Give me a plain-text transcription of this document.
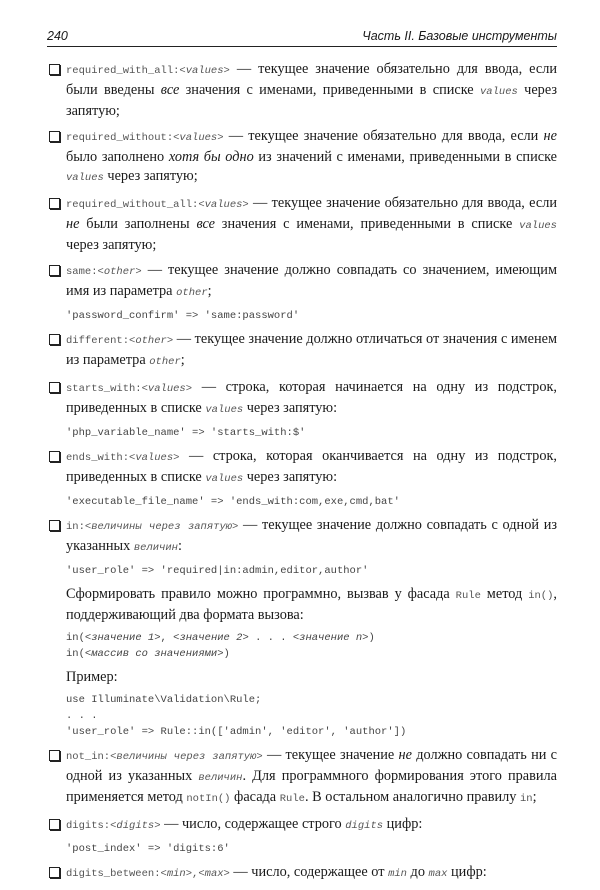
240	Часть II. Базовые инструменты
required_with_all:<values> — текущее значение обязательно для ввода, если были введены все значения с именами, приведенными в списке values через запятую;
required_without:<values> — текущее значение обязательно для ввода, если не было заполнено хотя бы одно из значений с именами, приведенными в списке values через запятую;
required_without_all:<values> — текущее значение обязательно для ввода, если не были заполнены все значения с именами, приведенными в списке values через запятую;
same:<other> — текущее значение должно совпадать со значением, имеющим имя из параметра other;
'password_confirm' => 'same:password'
different:<other> — текущее значение должно отличаться от значения с именем из параметра other;
starts_with:<values> — строка, которая начинается на одну из подстрок, приведенных в списке values через запятую:
'php_variable_name' => 'starts_with:$'
ends_with:<values> — строка, которая оканчивается на одну из подстрок, приведенных в списке values через запятую:
'executable_file_name' => 'ends_with:com,exe,cmd,bat'
in:<величины через запятую> — текущее значение должно совпадать с одной из указанных величин:
'user_role' => 'required|in:admin,editor,author'
Сформировать правило можно программно, вызвав у фасада Rule метод in(), поддерживающий два формата вызова:
in(<значение 1>, <значение 2> . . . <значение n>)
in(<массив со значениями>)
Пример:
use Illuminate\Validation\Rule;
. . .
'user_role' => Rule::in(['admin', 'editor', 'author'])
not_in:<величины через запятую> — текущее значение не должно совпадать ни с одной из указанных величин. Для программного формирования этого правила применяется метод notIn() фасада Rule. В остальном аналогично правилу in;
digits:<digits> — число, содержащее строго digits цифр:
'post_index' => 'digits:6'
digits_between:<min>,<max> — число, содержащее от min до max цифр:
